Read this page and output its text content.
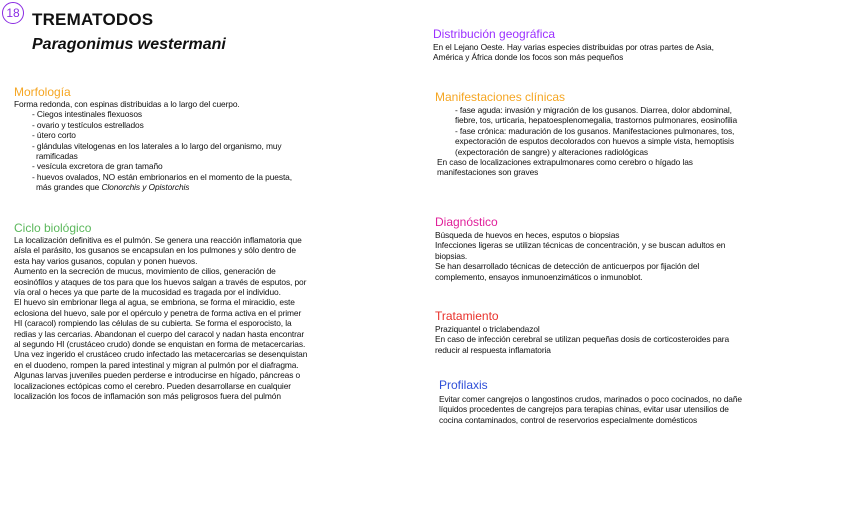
18 TREMATODOS
Paragonimus westermani
Morfología

Forma redonda, con espinas distribuidas a lo largo del cuerpo.

- Ciegos intestinales flexuosos

- ovario y testículos estrellados

- útero corto

- glándulas vitelogenas en los laterales a lo largo del organismo, muy

ramificadas

- vesícula excretora de gran tamaño

- huevos ovalados, NO están embrionarios en el momento de la puesta,

más grandes que Clonorchis y Opistorchis

Ciclo biológico

La localización definitiva es el pulmón. Se genera una reacción inflamatoria que

aísla el parásito, los gusanos se encapsulan en los pulmones y sólo dentro de

esta hay varios gusanos, copulan y ponen huevos.

Aumento en la secreción de mucus, movimiento de cilios, generación de

eosinófilos y ataques de tos para que los huevos salgan a través de esputos, por

vía oral o heces ya que parte de la mucosidad es tragada por el individuo.

El huevo sin embrionar llega al agua, se embriona, se forma el miracidio, este

eclosiona del huevo, sale por el opérculo y penetra de forma activa en el primer

HI (caracol) rompiendo las células de su cubierta. Se forma el esporocisto, la

redias y las cercarias. Abandonan el cuerpo del caracol y nadan hasta encontrar

al segundo HI (crustáceo crudo) donde se enquistan en forma de metacercarias.

Una vez ingerido el crustáceo crudo infectado las metacercarias se desenquistan

en el duodeno, rompen la pared intestinal y migran al pulmón por el diafragma.

Algunas larvas juveniles pueden perderse e introducirse en hígado, páncreas o

localizaciones ectópicas como el cerebro. Pueden desarrollarse en cualquier

localización los focos de inflamación son más peligrosos fuera del pulmón

Distribución geográfica

En el Lejano Oeste. Hay varias especies distribuidas por otras partes de Asia,

América y África donde los focos son más pequeños

Manifestaciones clínicas

- fase aguda: invasión y migración de los gusanos. Diarrea, dolor abdominal,

fiebre, tos, urticaria, hepatoesplenomegalia, trastornos pulmonares, eosinofilia

- fase crónica: maduración de los gusanos. Manifestaciones pulmonares, tos,

expectoración de esputos decolorados con huevos a simple vista, hemoptisis

(expectoración de sangre) y alteraciones radiológicas

En caso de localizaciones extrapulmonares como cerebro o hígado las

manifestaciones son graves

Diagnóstico

Búsqueda de huevos en heces, esputos o biopsias

Infecciones ligeras se utilizan técnicas de concentración, y se buscan adultos en

biopsias.

Se han desarrollado técnicas de detección de anticuerpos por fijación del

complemento, ensayos inmunoenzimáticos o inmunoblot.

Tratamiento

Praziquantel o triclabendazol

En caso de infección cerebral se utilizan pequeñas dosis de corticosteroides para

reducir al respuesta inflamatoria

Profilaxis

Evitar comer cangrejos o langostinos crudos, marinados o poco cocinados, no dañe

líquidos procedentes de cangrejos para terapias chinas, evitar usar utensilios de

cocina contaminados, control de reservorios especialmente domésticos
